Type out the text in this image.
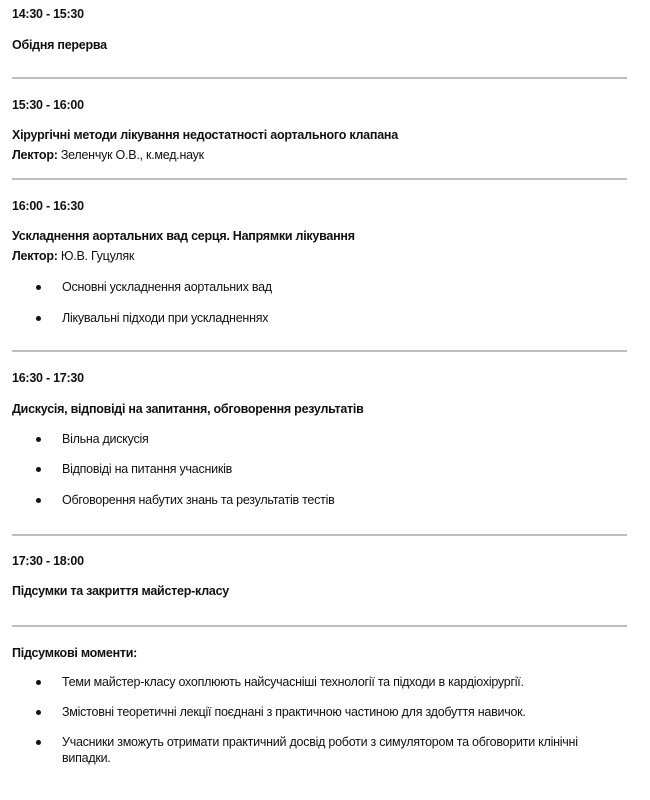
14:30 - 15:30
Обідня перерва
15:30 - 16:00
Хірургічні методи лікування недостатності аортального клапана
Лектор: Зеленчук О.В., к.мед.наук
16:00 - 16:30
Ускладнення аортальних вад серця. Напрямки лікування
Лектор: Ю.В. Гуцуляк
Основні ускладнення аортальних вад
Лікувальні підходи при ускладненнях
16:30 - 17:30
Дискусія, відповіді на запитання, обговорення результатів
Вільна дискусія
Відповіді на питання учасників
Обговорення набутих знань та результатів тестів
17:30 - 18:00
Підсумки та закриття майстер-класу
Підсумкові моменти:
Теми майстер-класу охоплюють найсучасніші технології та підходи в кардіохірургії.
Змістовні теоретичні лекції поєднані з практичною частиною для здобуття навичок.
Учасники зможуть отримати практичний досвід роботи з симулятором та обговорити клінічні випадки.
